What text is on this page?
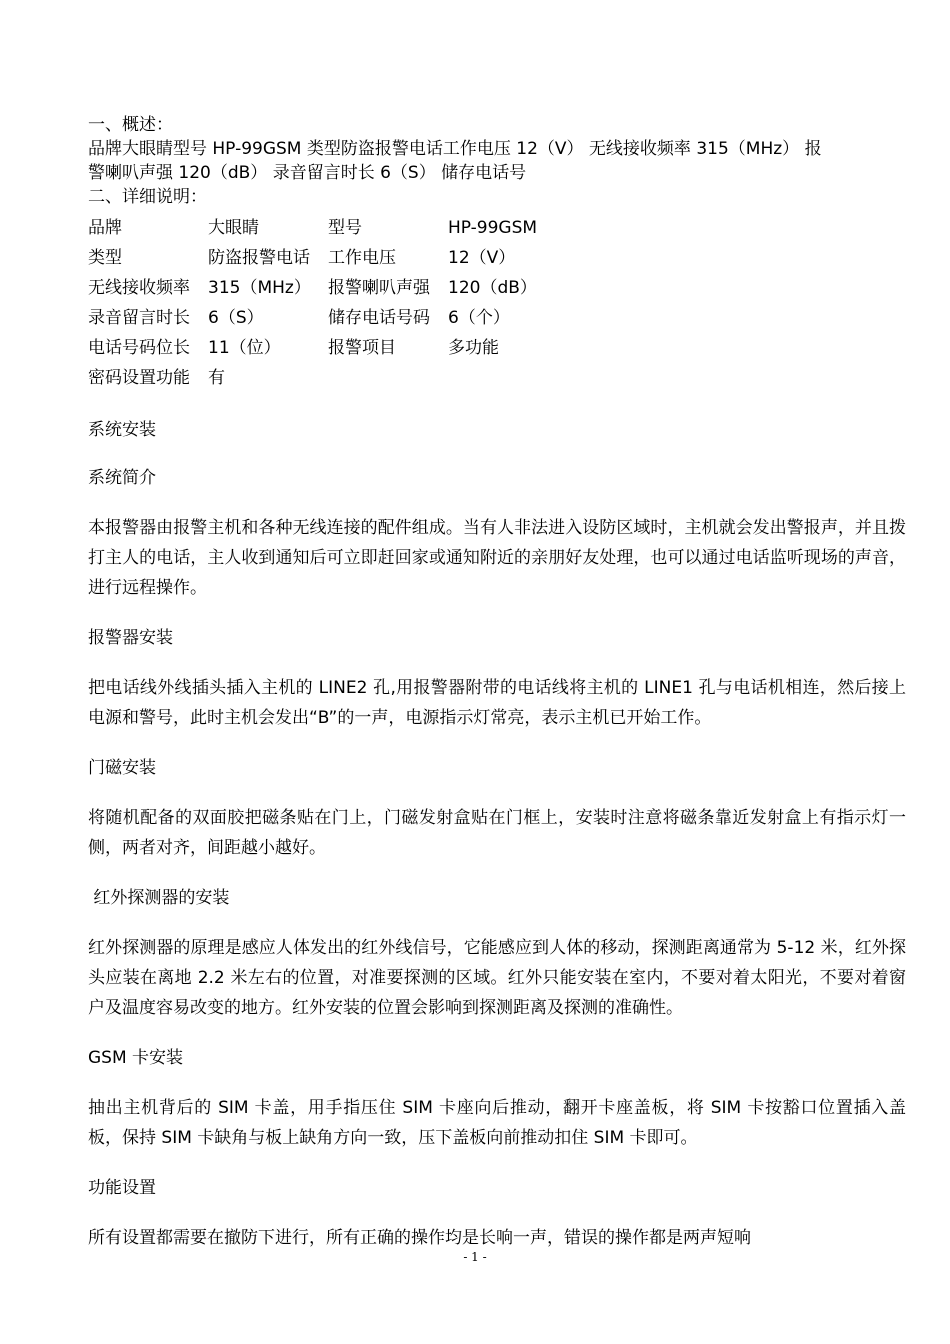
一、概述：
品牌大眼睛型号 HP-99GSM 类型防盗报警电话工作电压 12（V） 无线接收频率 315（MHz） 报
警喇叭声强 120（dB） 录音留言时长 6（S） 储存电话号
二、详细说明：
品牌	大眼睛	型号	HP-99GSM
类型	防盗报警电话	工作电压	12（V）
无线接收频率	315（MHz）	报警喇叭声强	120（dB）
录音留言时长	6（S）	储存电话号码	6（个）
电话号码位长	11（位）	报警项目	多功能
密码设置功能	有
系统安装
系统简介

本报警器由报警主机和各种无线连接的配件组成。当有人非法进入设防区域时，主机就会发出警报声，并且拨打主人的电话，主人收到通知后可立即赶回家或通知附近的亲朋好友处理，也可以通过电话监听现场的声音，进行远程操作。

报警器安装

把电话线外线插头插入主机的 LINE2 孔,用报警器附带的电话线将主机的 LINE1 孔与电话机相连，然后接上电源和警号，此时主机会发出“B”的一声，电源指示灯常亮，表示主机已开始工作。

门磁安装

将随机配备的双面胶把磁条贴在门上，门磁发射盒贴在门框上，安装时注意将磁条靠近发射盒上有指示灯一侧，两者对齐，间距越小越好。

红外探测器的安装

红外探测器的原理是感应人体发出的红外线信号，它能感应到人体的移动，探测距离通常为 5-12 米，红外探头应装在离地 2.2 米左右的位置，对准要探测的区域。红外只能安装在室内，不要对着太阳光，不要对着窗户及温度容易改变的地方。红外安装的位置会影响到探测距离及探测的准确性。

GSM 卡安装

抽出主机背后的 SIM 卡盖，用手指压住 SIM 卡座向后推动，翻开卡座盖板，将 SIM 卡按豁口位置插入盖板，保持 SIM 卡缺角与板上缺角方向一致，压下盖板向前推动扣住 SIM 卡即可。

功能设置

所有设置都需要在撤防下进行，所有正确的操作均是长响一声，错误的操作都是两声短响

- 1 -
